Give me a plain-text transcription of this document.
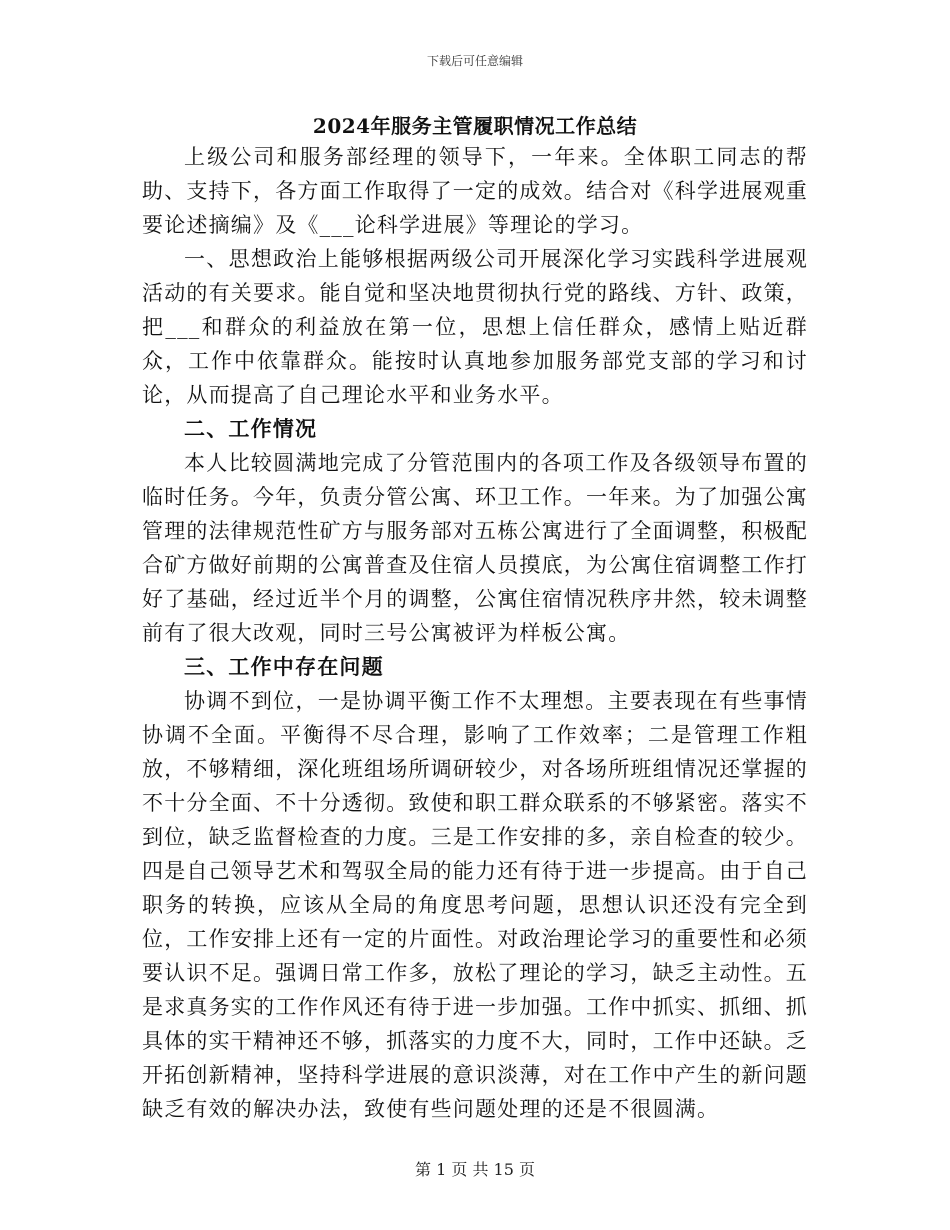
下载后可任意编辑
2024年服务主管履职情况工作总结

上级公司和服务部经理的领导下，一年来。全体职工同志的帮助、支持下，各方面工作取得了一定的成效。结合对《科学进展观重要论述摘编》及《___论科学进展》等理论的学习。

一、思想政治上能够根据两级公司开展深化学习实践科学进展观活动的有关要求。能自觉和坚决地贯彻执行党的路线、方针、政策，把___和群众的利益放在第一位，思想上信任群众，感情上贴近群众，工作中依靠群众。能按时认真地参加服务部党支部的学习和讨论，从而提高了自己理论水平和业务水平。

二、工作情况

本人比较圆满地完成了分管范围内的各项工作及各级领导布置的临时任务。今年，负责分管公寓、环卫工作。一年来。为了加强公寓管理的法律规范性矿方与服务部对五栋公寓进行了全面调整，积极配合矿方做好前期的公寓普查及住宿人员摸底，为公寓住宿调整工作打好了基础，经过近半个月的调整，公寓住宿情况秩序井然，较未调整前有了很大改观，同时三号公寓被评为样板公寓。

三、工作中存在问题

协调不到位，一是协调平衡工作不太理想。主要表现在有些事情协调不全面。平衡得不尽合理，影响了工作效率；二是管理工作粗放，不够精细，深化班组场所调研较少，对各场所班组情况还掌握的不十分全面、不十分透彻。致使和职工群众联系的不够紧密。落实不到位，缺乏监督检查的力度。三是工作安排的多，亲自检查的较少。四是自己领导艺术和驾驭全局的能力还有待于进一步提高。由于自己职务的转换，应该从全局的角度思考问题，思想认识还没有完全到位，工作安排上还有一定的片面性。对政治理论学习的重要性和必须要认识不足。强调日常工作多，放松了理论的学习，缺乏主动性。五是求真务实的工作作风还有待于进一步加强。工作中抓实、抓细、抓具体的实干精神还不够，抓落实的力度不大，同时，工作中还缺。乏开拓创新精神，坚持科学进展的意识淡薄，对在工作中产生的新问题缺乏有效的解决办法，致使有些问题处理的还是不很圆满。

第 1 页 共 15 页
